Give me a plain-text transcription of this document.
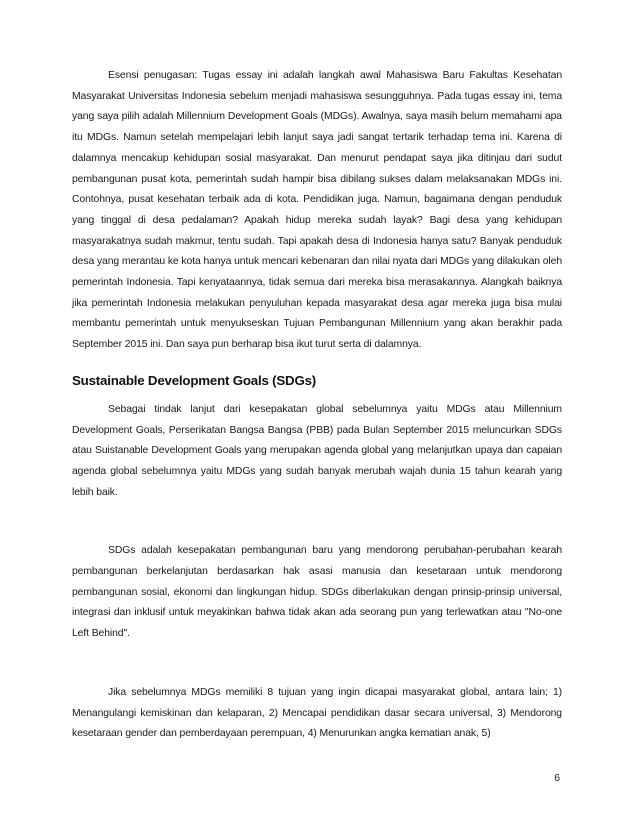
Esensi penugasan: Tugas essay ini adalah langkah awal Mahasiswa Baru Fakultas Kesehatan Masyarakat Universitas Indonesia sebelum menjadi mahasiswa sesungguhnya. Pada tugas essay ini, tema yang saya pilih adalah Millennium Development Goals (MDGs). Awalnya, saya masih belum memahami apa itu MDGs. Namun setelah mempelajari lebih lanjut saya jadi sangat tertarik terhadap tema ini. Karena di dalamnya mencakup kehidupan sosial masyarakat. Dan menurut pendapat saya jika ditinjau dari sudut pembangunan pusat kota, pemerintah sudah hampir bisa dibilang sukses dalam melaksanakan MDGs ini. Contohnya, pusat kesehatan terbaik ada di kota. Pendidikan juga. Namun, bagaimana dengan penduduk yang tinggal di desa pedalaman? Apakah hidup mereka sudah layak? Bagi desa yang kehidupan masyarakatnya sudah makmur, tentu sudah. Tapi apakah desa di Indonesia hanya satu? Banyak penduduk desa yang merantau ke kota hanya untuk mencari kebenaran dan nilai nyata dari MDGs yang dilakukan oleh pemerintah Indonesia. Tapi kenyataannya, tidak semua dari mereka bisa merasakannya. Alangkah baiknya jika pemerintah Indonesia melakukan penyuluhan kepada masyarakat desa agar mereka juga bisa mulai membantu pemerintah untuk menyukseskan Tujuan Pembangunan Millennium yang akan berakhir pada September 2015 ini. Dan saya pun berharap bisa ikut turut serta di dalamnya.

Sustainable Development Goals (SDGs)

Sebagai tindak lanjut dari kesepakatan global sebelumnya yaitu MDGs atau Millennium Development Goals, Perserikatan Bangsa Bangsa (PBB) pada Bulan September 2015 meluncurkan SDGs atau Suistanable Development Goals yang merupakan agenda global yang melanjutkan upaya dan capaian agenda global sebelumnya yaitu MDGs yang sudah banyak merubah wajah dunia 15 tahun kearah yang lebih baik.

SDGs adalah kesepakatan pembangunan baru yang mendorong perubahan-perubahan kearah pembangunan berkelanjutan berdasarkan hak asasi manusia dan kesetaraan untuk mendorong pembangunan sosial, ekonomi dan lingkungan hidup. SDGs diberlakukan dengan prinsip-prinsip universal, integrasi dan inklusif untuk meyakinkan bahwa tidak akan ada seorang pun yang terlewatkan atau "No-one Left Behind".

Jika sebelumnya MDGs memiliki 8 tujuan yang ingin dicapai masyarakat global, antara lain; 1) Menangulangi kemiskinan dan kelaparan, 2) Mencapai pendidikan dasar secara universal, 3) Mendorong kesetaraan gender dan pemberdayaan perempuan, 4) Menurunkan angka kematian anak, 5)

6
